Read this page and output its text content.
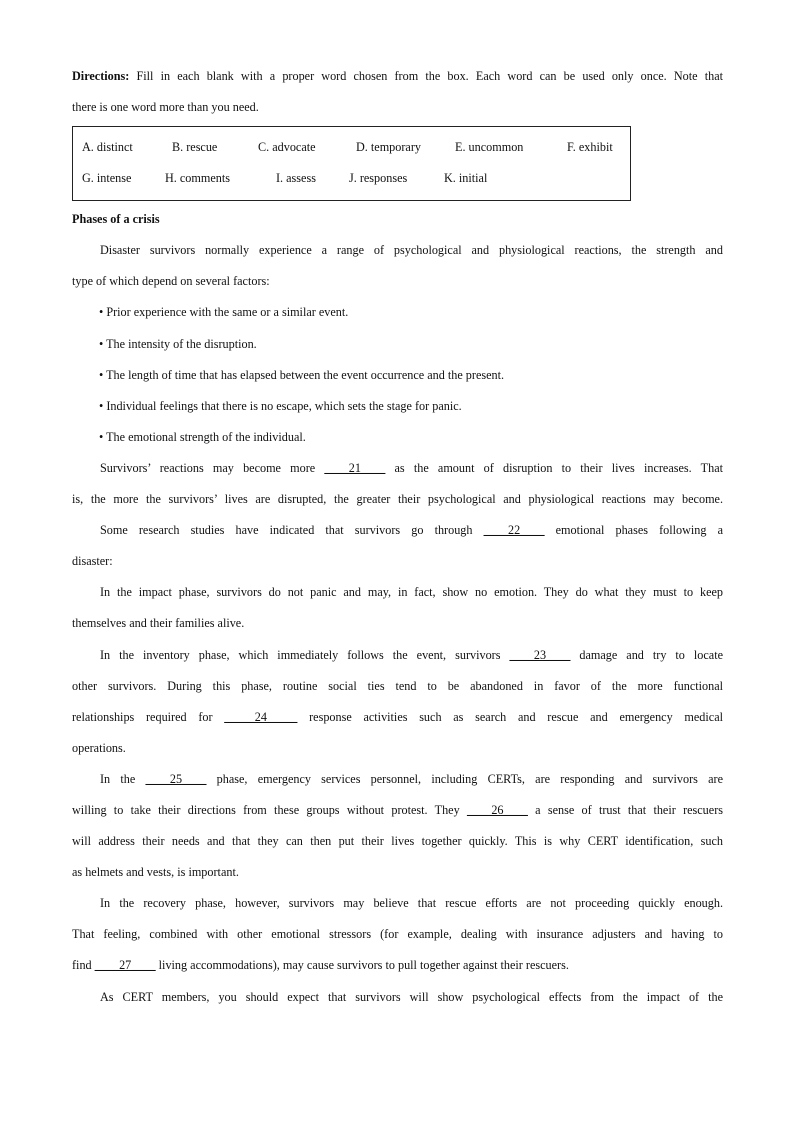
Directions: Fill in each blank with a proper word chosen from the box. Each word can be used only once. Note that
there is one word more than you need.
A. distinct	B. rescue	C. advocate	D. temporary	E. uncommon	F. exhibit
G. intense	H. comments	I. assess	J. responses	K. initial
Phases of a crisis
Disaster survivors normally experience a range of psychological and physiological reactions, the strength and
type of which depend on several factors:
• Prior experience with the same or a similar event.
• The intensity of the disruption.
• The length of time that has elapsed between the event occurrence and the present.
• Individual feelings that there is no escape, which sets the stage for panic.
• The emotional strength of the individual.
Survivors’ reactions may become more ____21____ as the amount of disruption to their lives increases. That
is, the more the survivors’ lives are disrupted, the greater their psychological and physiological reactions may become.
Some research studies have indicated that survivors go through ____22____ emotional phases following a
disaster:
In the impact phase, survivors do not panic and may, in fact, show no emotion. They do what they must to keep
themselves and their families alive.
In the inventory phase, which immediately follows the event, survivors ____23____ damage and try to locate
other survivors. During this phase, routine social ties tend to be abandoned in favor of the more functional
relationships required for _____24_____ response activities such as search and rescue and emergency medical
operations.
In the ____25____ phase, emergency services personnel, including CERTs, are responding and survivors are
willing to take their directions from these groups without protest. They ____26____ a sense of trust that their rescuers
will address their needs and that they can then put their lives together quickly. This is why CERT identification, such
as helmets and vests, is important.
In the recovery phase, however, survivors may believe that rescue efforts are not proceeding quickly enough.
That feeling, combined with other emotional stressors (for example, dealing with insurance adjusters and having to
find ____27____ living accommodations), may cause survivors to pull together against their rescuers.
As CERT members, you should expect that survivors will show psychological effects from the impact of the
